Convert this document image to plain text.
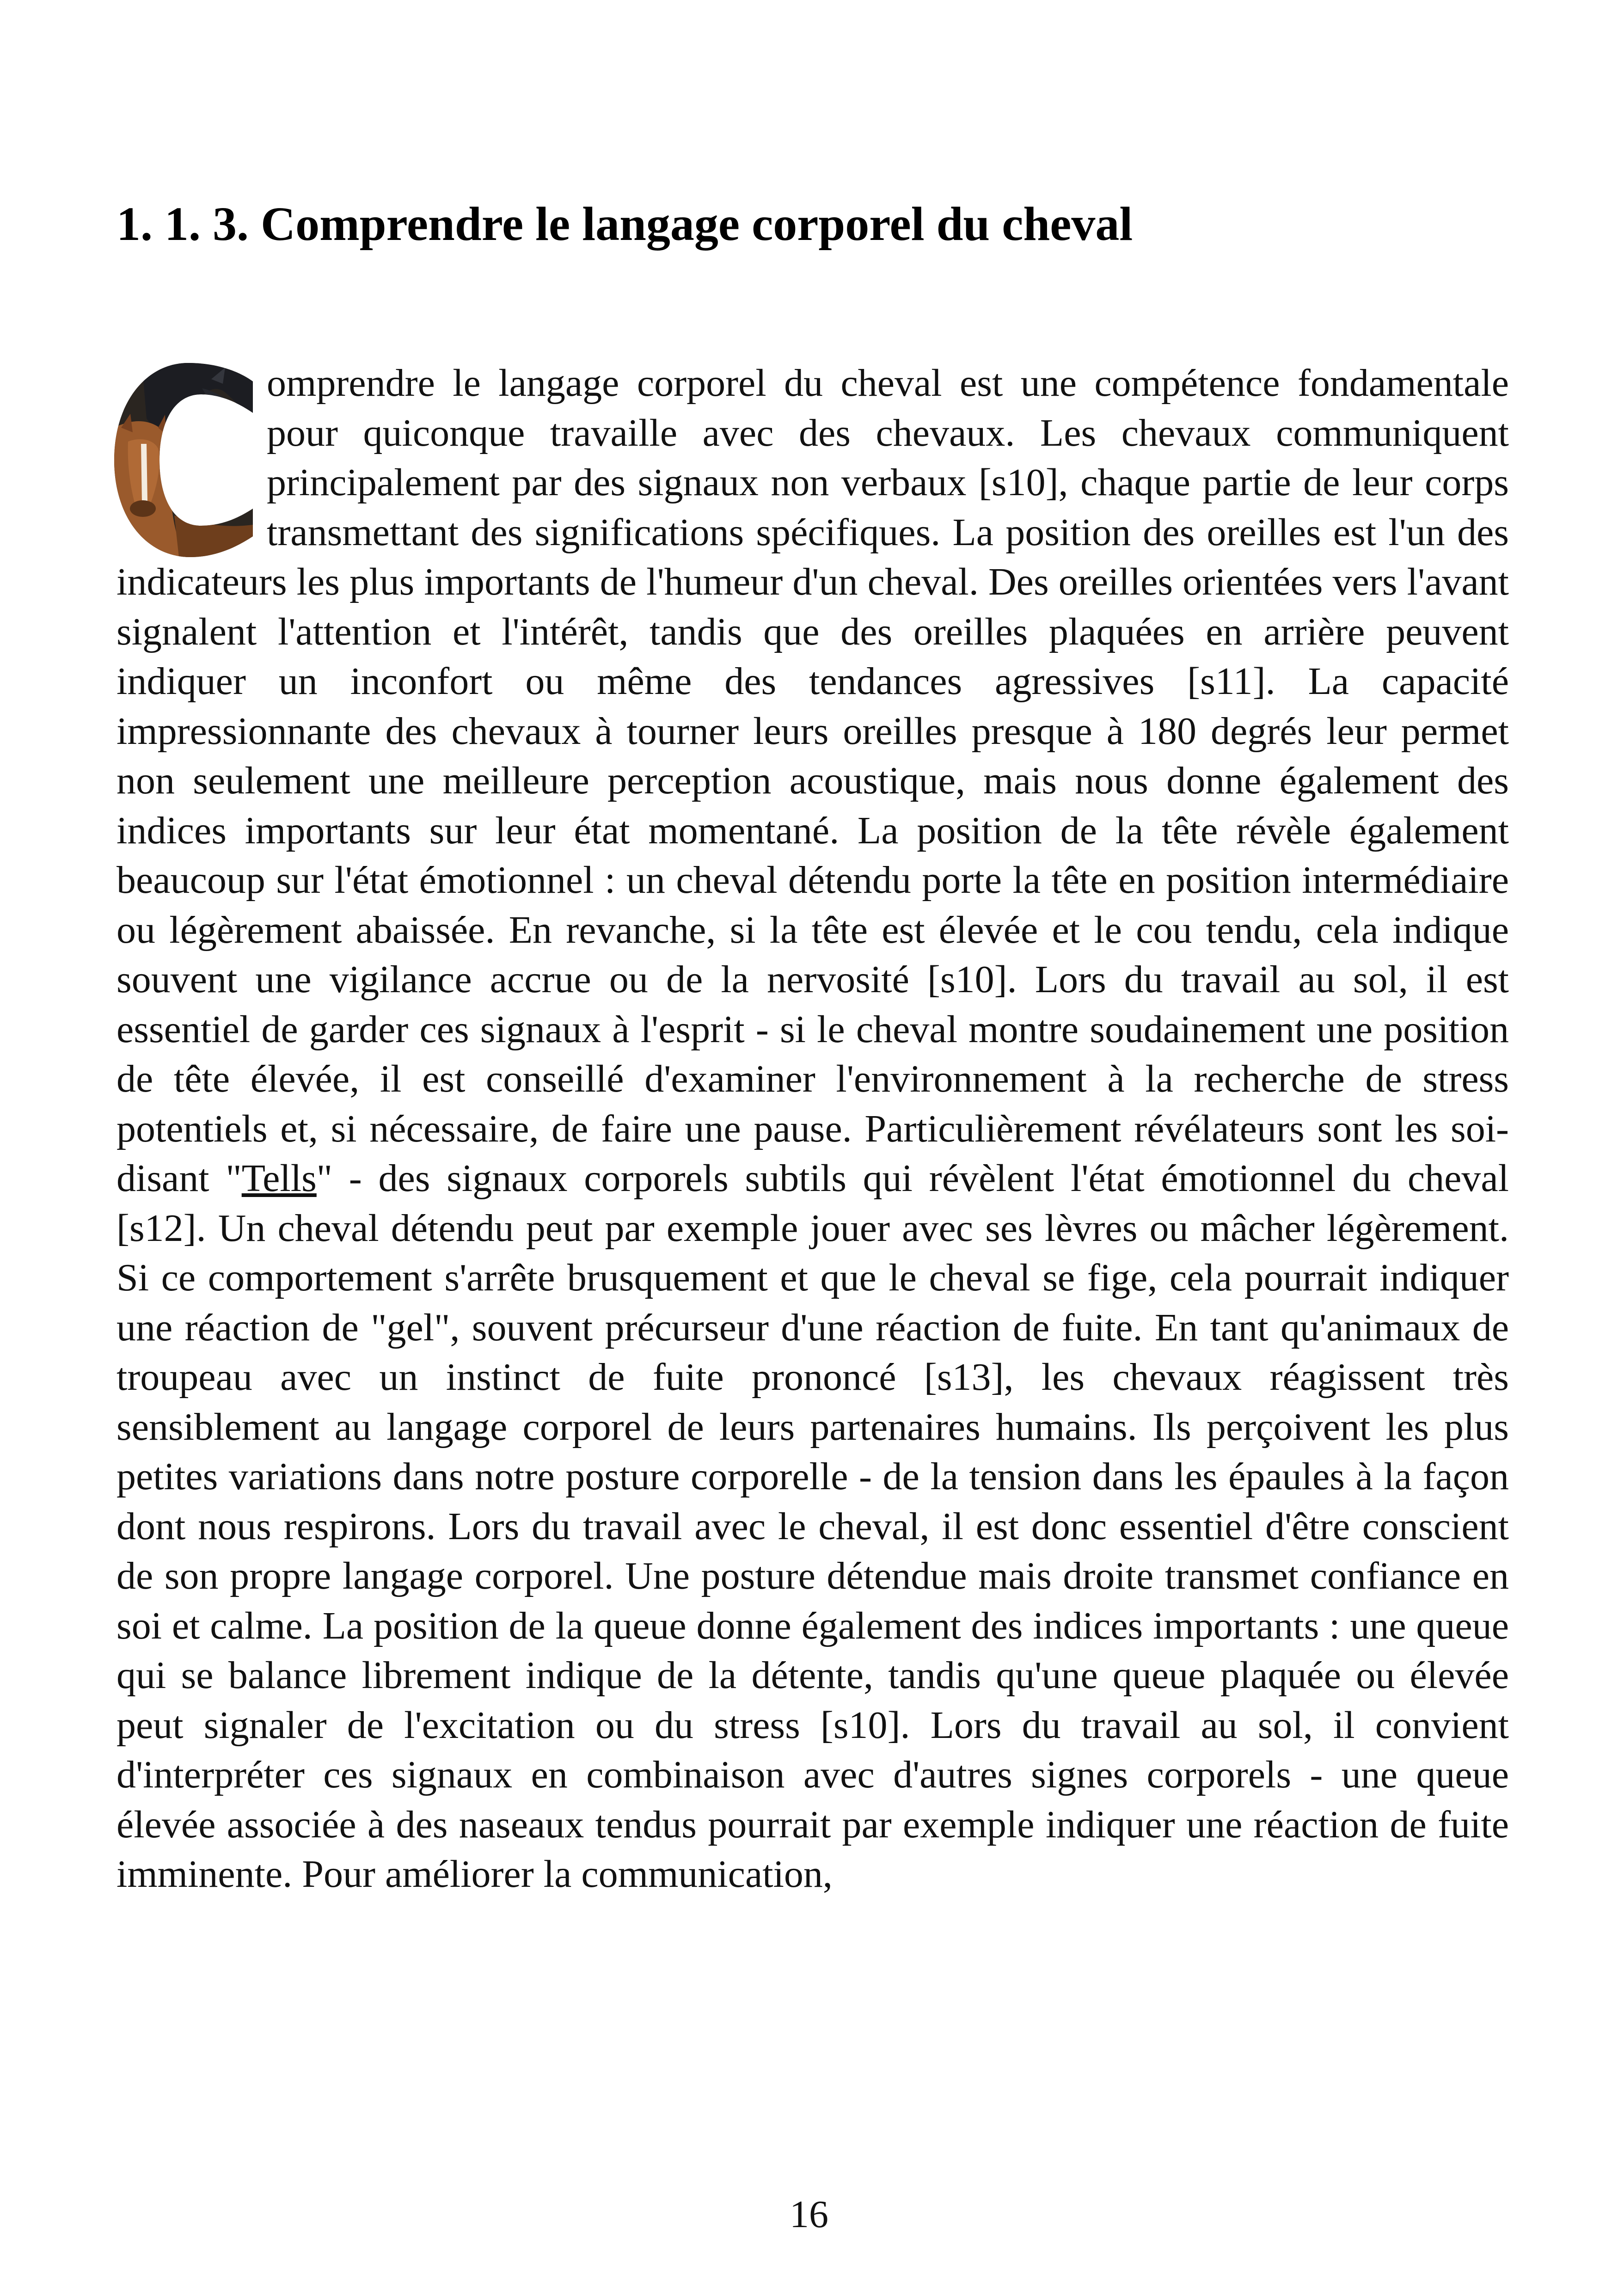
1. 1. 3. Comprendre le langage corporel du cheval

omprendre le langage corporel du cheval est une compétence fondamentale pour quiconque travaille avec des chevaux. Les chevaux communiquent principalement par des signaux non verbaux [s10], chaque partie de leur corps transmettant des significations spécifiques. La position des oreilles est l'un des indicateurs les plus importants de l'humeur d'un cheval. Des oreilles orientées vers l'avant signalent l'attention et l'intérêt, tandis que des oreilles plaquées en arrière peuvent indiquer un inconfort ou même des tendances agressives [s11]. La capacité impressionnante des chevaux à tourner leurs oreilles presque à 180 degrés leur permet non seulement une meilleure perception acoustique, mais nous donne également des indices importants sur leur état momentané. La position de la tête révèle également beaucoup sur l'état émotionnel : un cheval détendu porte la tête en position intermédiaire ou légèrement abaissée. En revanche, si la tête est élevée et le cou tendu, cela indique souvent une vigilance accrue ou de la nervosité [s10]. Lors du travail au sol, il est essentiel de garder ces signaux à l'esprit - si le cheval montre soudainement une position de tête élevée, il est conseillé d'examiner l'environnement à la recherche de stress potentiels et, si nécessaire, de faire une pause. Particulièrement révélateurs sont les soi-disant "Tells" - des signaux corporels subtils qui révèlent l'état émotionnel du cheval [s12]. Un cheval détendu peut par exemple jouer avec ses lèvres ou mâcher légèrement. Si ce comportement s'arrête brusquement et que le cheval se fige, cela pourrait indiquer une réaction de "gel", souvent précurseur d'une réaction de fuite. En tant qu'animaux de troupeau avec un instinct de fuite prononcé [s13], les chevaux réagissent très sensiblement au langage corporel de leurs partenaires humains. Ils perçoivent les plus petites variations dans notre posture corporelle - de la tension dans les épaules à la façon dont nous respirons. Lors du travail avec le cheval, il est donc essentiel d'être conscient de son propre langage corporel. Une posture détendue mais droite transmet confiance en soi et calme. La position de la queue donne également des indices importants : une queue qui se balance librement indique de la détente, tandis qu'une queue plaquée ou élevée peut signaler de l'excitation ou du stress [s10]. Lors du travail au sol, il convient d'interpréter ces signaux en combinaison avec d'autres signes corporels - une queue élevée associée à des naseaux tendus pourrait par exemple indiquer une réaction de fuite imminente. Pour améliorer la communication,

16
